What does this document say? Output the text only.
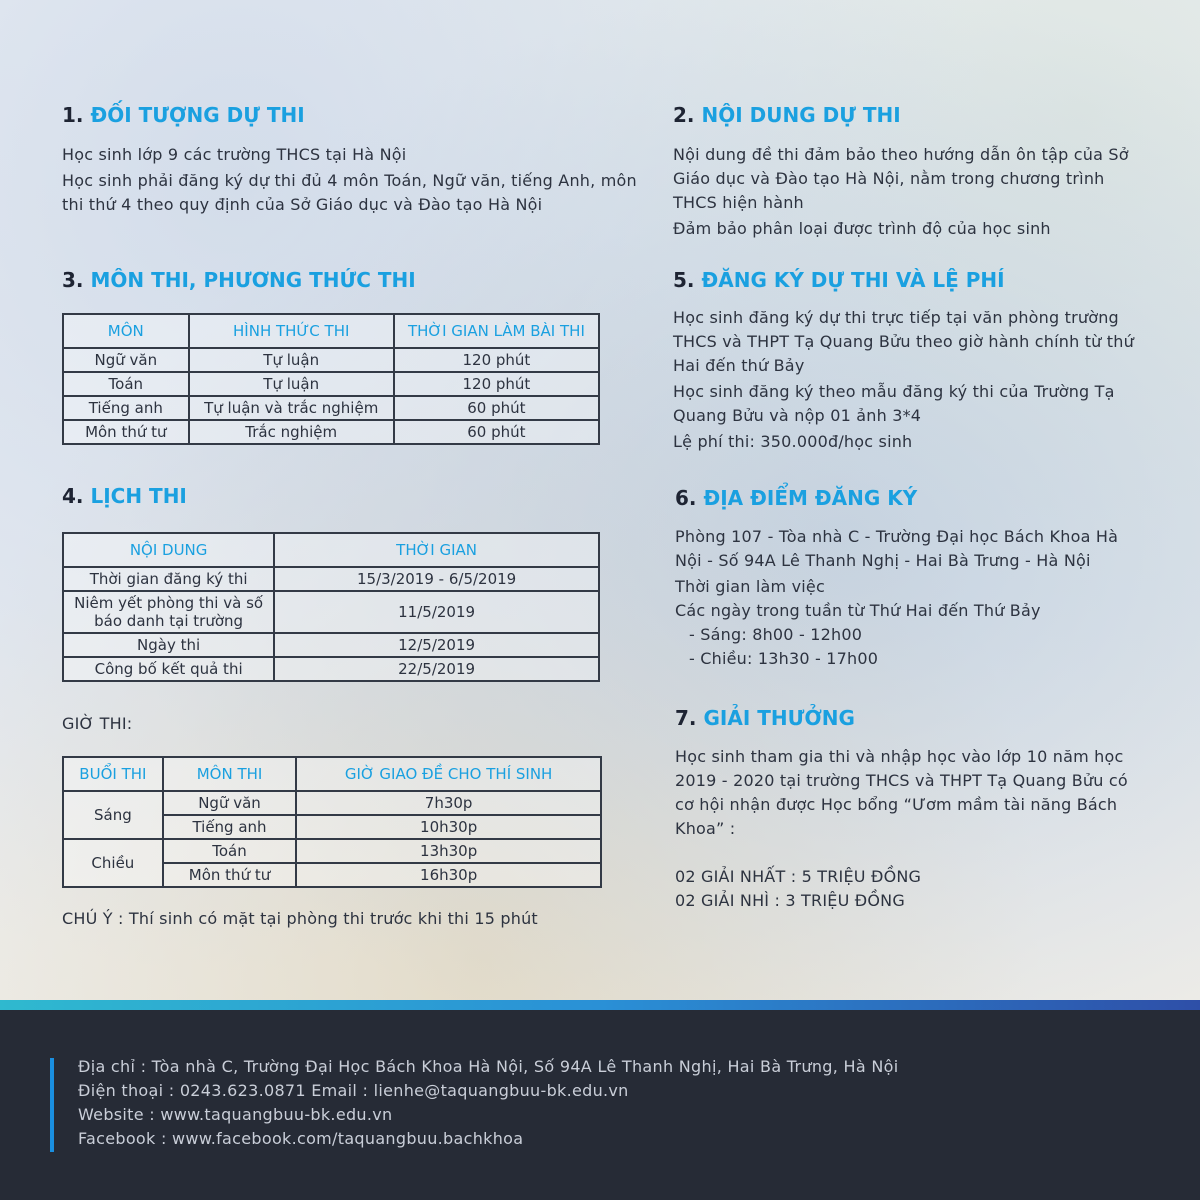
1. ĐỐI TƯỢNG DỰ THI

Học sinh lớp 9 các trường THCS tại Hà Nội

Học sinh phải đăng ký dự thi đủ 4 môn Toán, Ngữ văn, tiếng Anh, môn thi thứ 4 theo quy định của Sở Giáo dục và Đào tạo Hà Nội

2. NỘI DUNG DỰ THI

Nội dung đề thi đảm bảo theo hướng dẫn ôn tập của Sở Giáo dục và Đào tạo Hà Nội, nằm trong chương trình THCS hiện hành

Đảm bảo phân loại được trình độ của học sinh

3. MÔN THI, PHƯƠNG THỨC THI
MÔN	HÌNH THỨC THI	THỜI GIAN LÀM BÀI THI
Ngữ văn	Tự luận	120 phút
Toán	Tự luận	120 phút
Tiếng anh	Tự luận và trắc nghiệm	60 phút
Môn thứ tư	Trắc nghiệm	60 phút
4. LỊCH THI
NỘI DUNG	THỜI GIAN
Thời gian đăng ký thi	15/3/2019 - 6/5/2019
Niêm yết phòng thi và số báo danh tại trường	11/5/2019
Ngày thi	12/5/2019
Công bố kết quả thi	22/5/2019
GIỜ THI:
BUỔI THI	MÔN THI	GIỜ GIAO ĐỀ CHO THÍ SINH
Sáng	Ngữ văn	7h30p
	Tiếng anh	10h30p
Chiều	Toán	13h30p
	Môn thứ tư	16h30p
CHÚ Ý : Thí sinh có mặt tại phòng thi trước khi thi 15 phút
5. ĐĂNG KÝ DỰ THI VÀ LỆ PHÍ

Học sinh đăng ký dự thi trực tiếp tại văn phòng trường THCS và THPT Tạ Quang Bửu theo giờ hành chính từ thứ Hai đến thứ Bảy

Học sinh đăng ký theo mẫu đăng ký thi của Trường Tạ Quang Bửu và nộp 01 ảnh 3*4

Lệ phí thi: 350.000đ/học sinh

6. ĐỊA ĐIỂM ĐĂNG KÝ

Phòng 107 - Tòa nhà C - Trường Đại học Bách Khoa Hà Nội - Số 94A Lê Thanh Nghị - Hai Bà Trưng - Hà Nội

Thời gian làm việc

Các ngày trong tuần từ Thứ Hai đến Thứ Bảy

- Sáng: 8h00 - 12h00

- Chiều: 13h30 - 17h00

7. GIẢI THƯỞNG

Học sinh tham gia thi và nhập học vào lớp 10 năm học 2019 - 2020 tại trường THCS và THPT Tạ Quang Bửu có cơ hội nhận được Học bổng “Ươm mầm tài năng Bách Khoa” :

02 GIẢI NHẤT : 5 TRIỆU ĐỒNG

02 GIẢI NHÌ : 3 TRIỆU ĐỒNG

Địa chỉ : Tòa nhà C, Trường Đại Học Bách Khoa Hà Nội, Số 94A Lê Thanh Nghị, Hai Bà Trưng, Hà Nội
Điện thoại : 0243.623.0871 Email : lienhe@taquangbuu-bk.edu.vn
Website : www.taquangbuu-bk.edu.vn
Facebook : www.facebook.com/taquangbuu.bachkhoa
